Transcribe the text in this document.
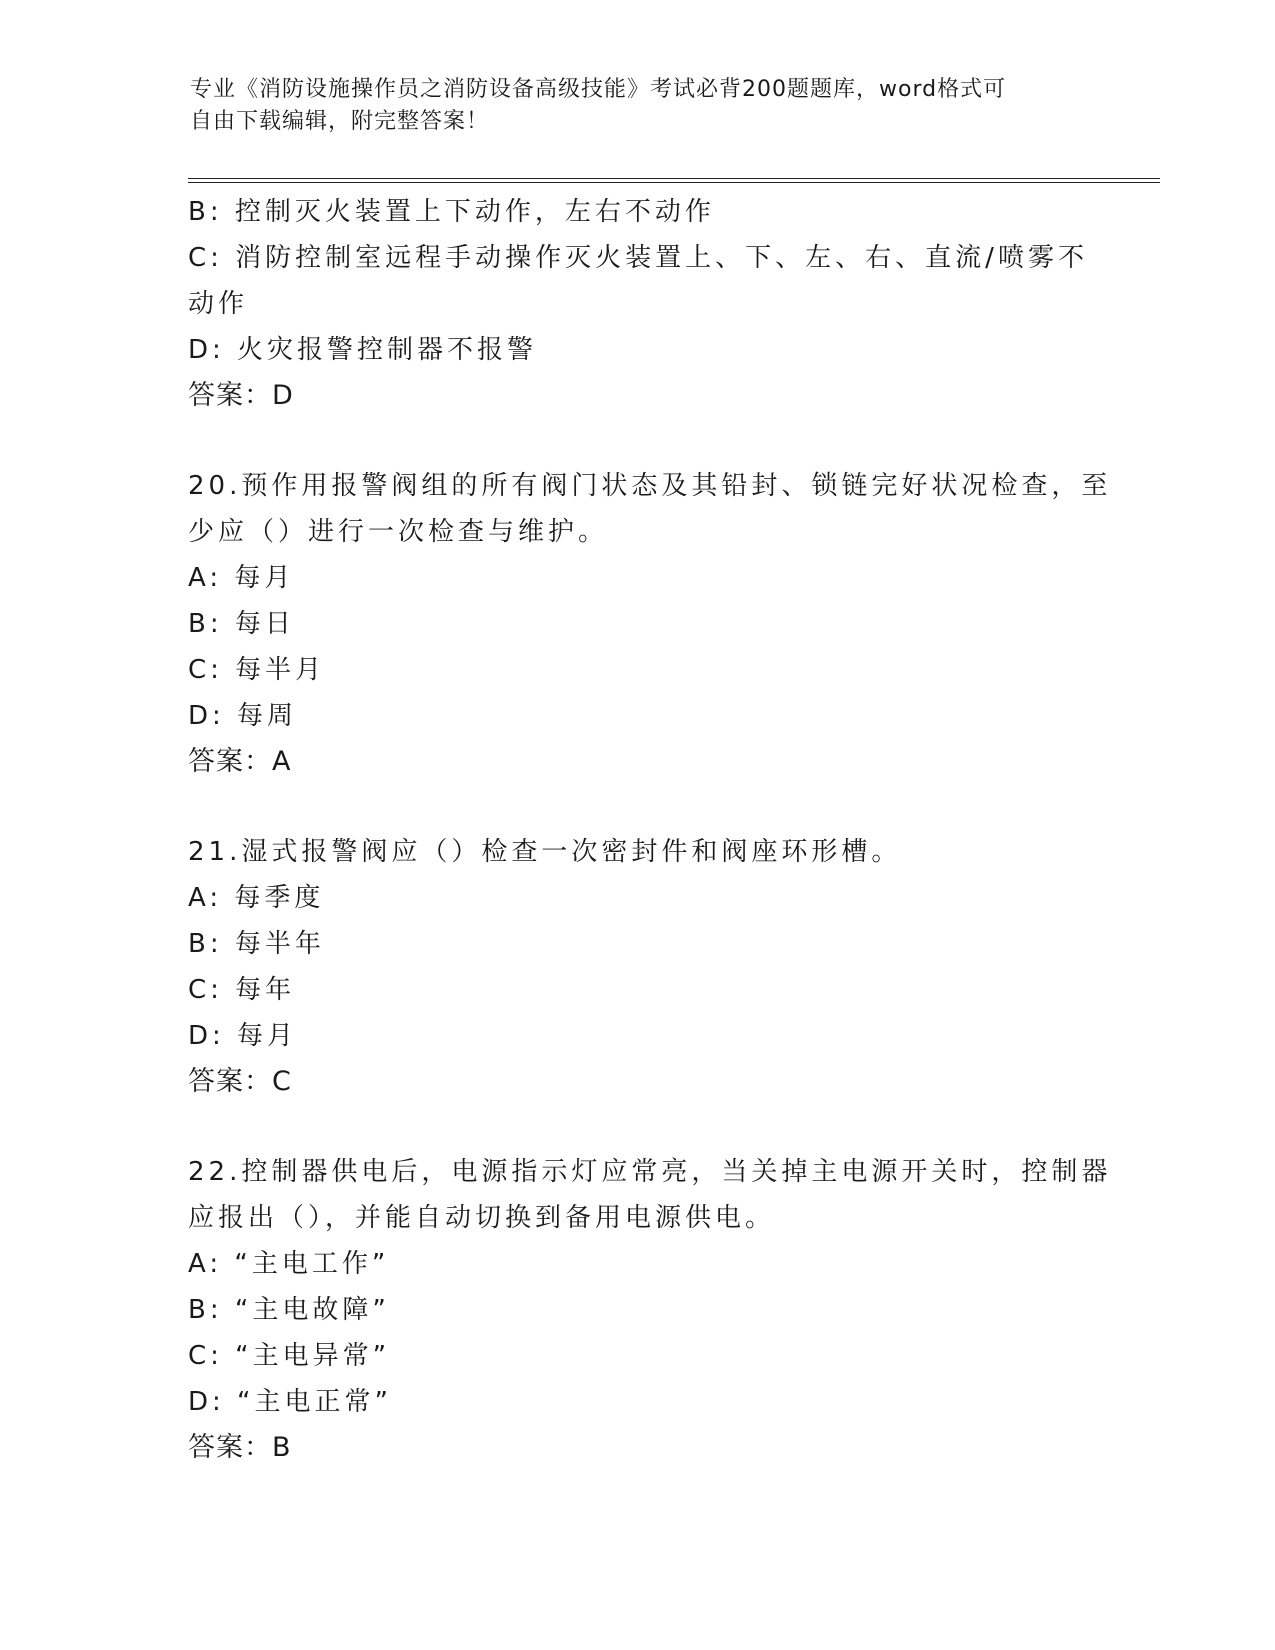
专业《消防设施操作员之消防设备高级技能》考试必背200题题库，word格式可
自由下载编辑，附完整答案！
B: 控制灭火装置上下动作，左右不动作
C: 消防控制室远程手动操作灭火装置上、下、左、右、直流/喷雾不
动作
D: 火灾报警控制器不报警
答案：D
20.预作用报警阀组的所有阀门状态及其铅封、锁链完好状况检查，至
少应（）进行一次检查与维护。
A: 每月
B: 每日
C: 每半月
D: 每周
答案：A
21.湿式报警阀应（）检查一次密封件和阀座环形槽。
A: 每季度
B: 每半年
C: 每年
D: 每月
答案：C
22.控制器供电后，电源指示灯应常亮，当关掉主电源开关时，控制器
应报出（），并能自动切换到备用电源供电。
A: “主电工作”
B: “主电故障”
C: “主电异常”
D: “主电正常”
答案：B
